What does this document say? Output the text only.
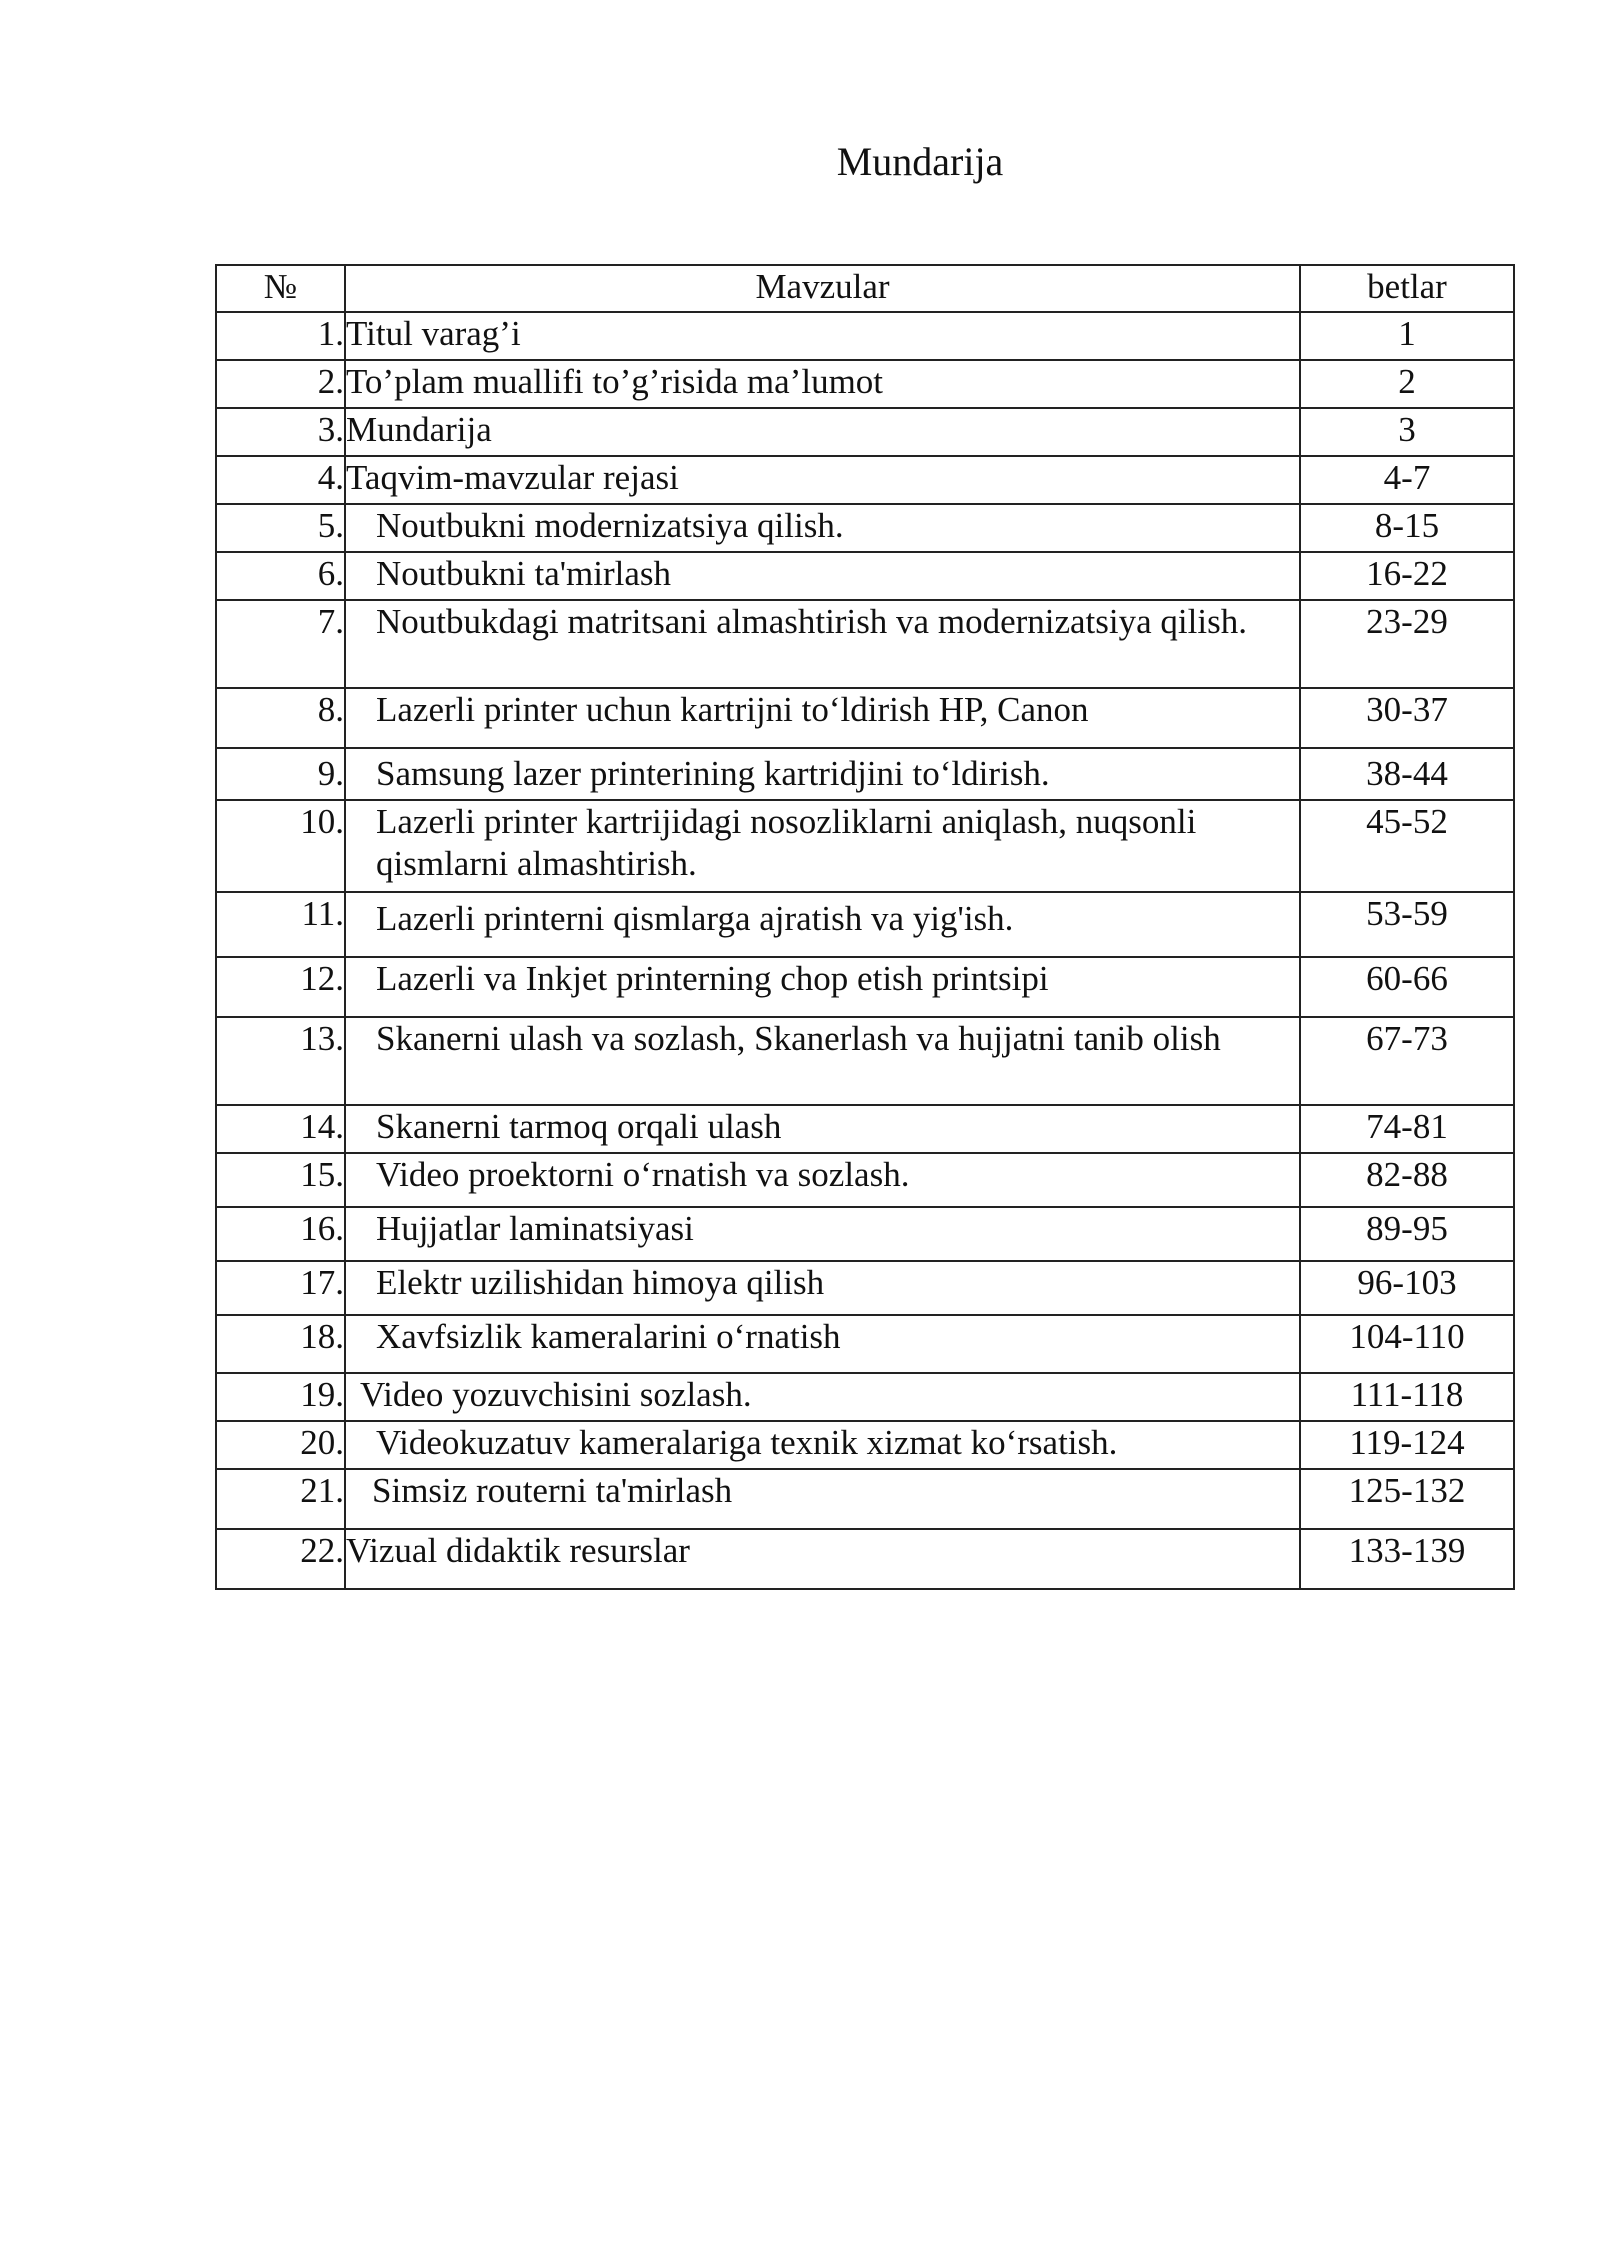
Mundarija
№	Mavzular	betlar
1.	Titul varag’i	1
2.	To’plam muallifi to’g’risida ma’lumot	2
3.	Mundarija	3
4.	Taqvim-mavzular rejasi	4-7
5.	Noutbukni modernizatsiya qilish.	8-15
6.	Noutbukni ta'mirlash	16-22
7.	Noutbukdagi matritsani almashtirish va modernizatsiya qilish.	23-29
8.	Lazerli printer uchun kartrijni to‘ldirish HP, Canon	30-37
9.	Samsung lazer printerining kartridjini to‘ldirish.	38-44
10.	Lazerli printer kartrijidagi nosozliklarni aniqlash, nuqsonli qismlarni almashtirish.	45-52
11.	Lazerli printerni qismlarga ajratish va yig'ish.	53-59
12.	Lazerli va Inkjet printerning chop etish printsipi	60-66
13.	Skanerni ulash va sozlash, Skanerlash va hujjatni tanib olish	67-73
14.	Skanerni tarmoq orqali ulash	74-81
15.	Video proektorni o‘rnatish va sozlash.	82-88
16.	Hujjatlar laminatsiyasi	89-95
17.	Elektr uzilishidan himoya qilish	96-103
18.	Xavfsizlik kameralarini o‘rnatish	104-110
19.	Video yozuvchisini sozlash.	111-118
20.	Videokuzatuv kameralariga texnik xizmat ko‘rsatish.	119-124
21.	Simsiz routerni ta'mirlash	125-132
22.	Vizual didaktik resurslar	133-139
